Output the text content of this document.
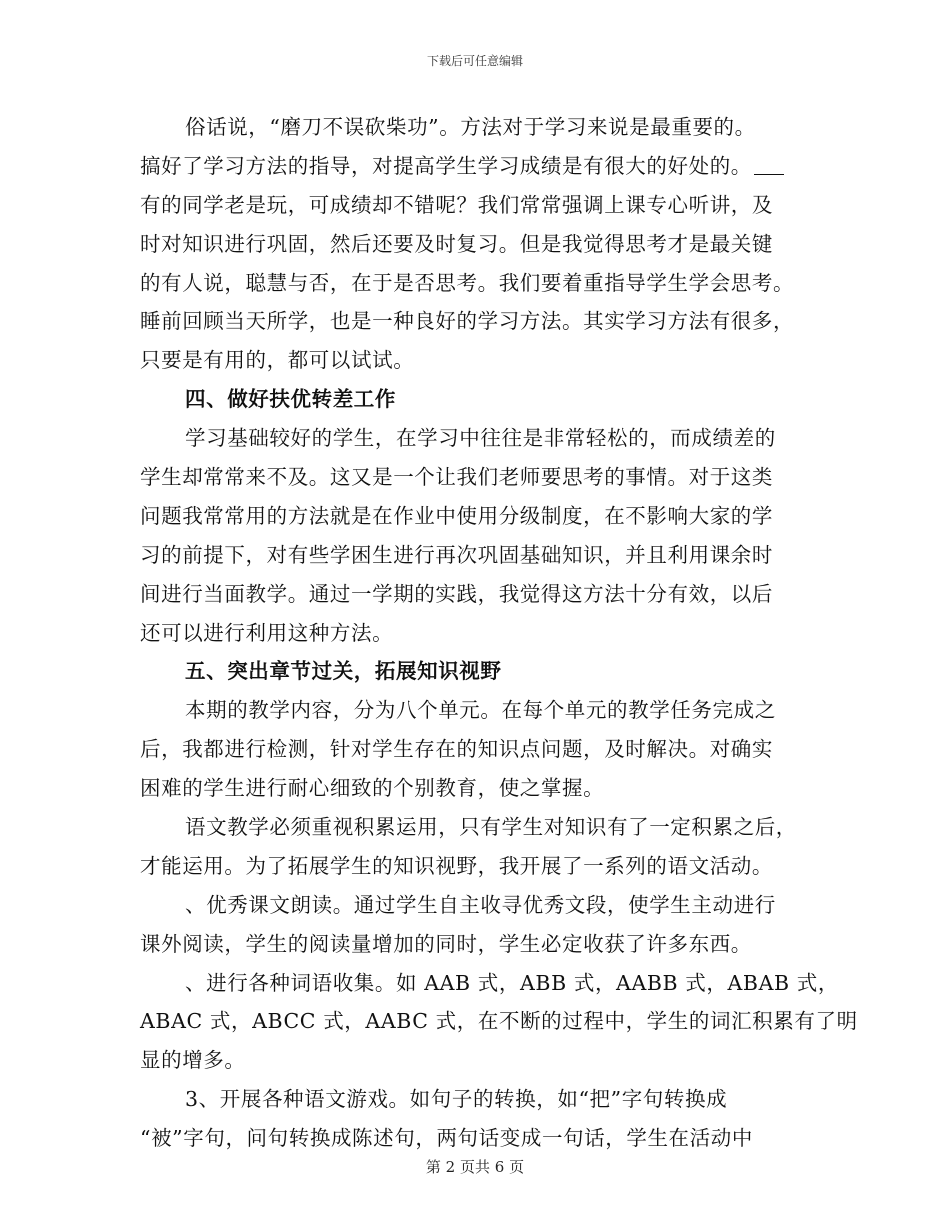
下载后可任意编辑
俗话说，“磨刀不误砍柴功”。方法对于学习来说是最重要的。
搞好了学习方法的指导，对提高学生学习成绩是有很大的好处的。
有的同学老是玩，可成绩却不错呢？我们常常强调上课专心听讲，及
时对知识进行巩固，然后还要及时复习。但是我觉得思考才是最关键
的有人说，聪慧与否，在于是否思考。我们要着重指导学生学会思考。
睡前回顾当天所学，也是一种良好的学习方法。其实学习方法有很多，
只要是有用的，都可以试试。
四、做好扶优转差工作
学习基础较好的学生，在学习中往往是非常轻松的，而成绩差的
学生却常常来不及。这又是一个让我们老师要思考的事情。对于这类
问题我常常用的方法就是在作业中使用分级制度，在不影响大家的学
习的前提下，对有些学困生进行再次巩固基础知识，并且利用课余时
间进行当面教学。通过一学期的实践，我觉得这方法十分有效，以后
还可以进行利用这种方法。
五、突出章节过关，拓展知识视野
本期的教学内容，分为八个单元。在每个单元的教学任务完成之
后，我都进行检测，针对学生存在的知识点问题，及时解决。对确实
困难的学生进行耐心细致的个别教育，使之掌握。
语文教学必须重视积累运用，只有学生对知识有了一定积累之后，
才能运用。为了拓展学生的知识视野，我开展了一系列的语文活动。
、优秀课文朗读。通过学生自主收寻优秀文段，使学生主动进行
课外阅读，学生的阅读量增加的同时，学生必定收获了许多东西。
、进行各种词语收集。如 AAB 式，ABB 式，AABB 式，ABAB 式，
ABAC 式，ABCC 式，AABC 式，在不断的过程中，学生的词汇积累有了明
显的增多。
3、开展各种语文游戏。如句子的转换，如“把”字句转换成
“被”字句，问句转换成陈述句，两句话变成一句话，学生在活动中
第 2 页共 6 页
